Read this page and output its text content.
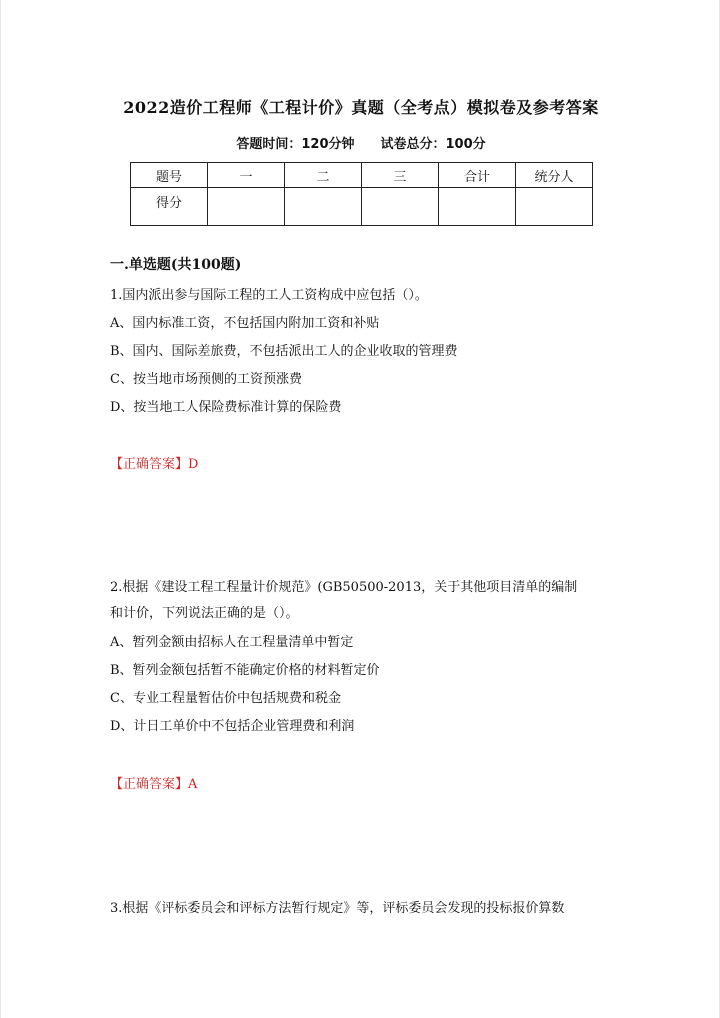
2022造价工程师《工程计价》真题（全考点）模拟卷及参考答案
答题时间：120分钟 试卷总分：100分
题号	一	二	三	合计	统分人
得分					
一.单选题(共100题)
1.国内派出参与国际工程的工人工资构成中应包括（）。
A、国内标准工资，不包括国内附加工资和补贴
B、国内、国际差旅费，不包括派出工人的企业收取的管理费
C、按当地市场预侧的工资预涨费
D、按当地工人保险费标准计算的保险费
【正确答案】D
2.根据《建设工程工程量计价规范》(GB50500-2013，关于其他项目清单的编制
和计价，下列说法正确的是（）。
A、暂列金额由招标人在工程量清单中暂定
B、暂列金额包括暂不能确定价格的材料暂定价
C、专业工程量暂估价中包括规费和税金
D、计日工单价中不包括企业管理费和利润
【正确答案】A
3.根据《评标委员会和评标方法暂行规定》等，评标委员会发现的投标报价算数
